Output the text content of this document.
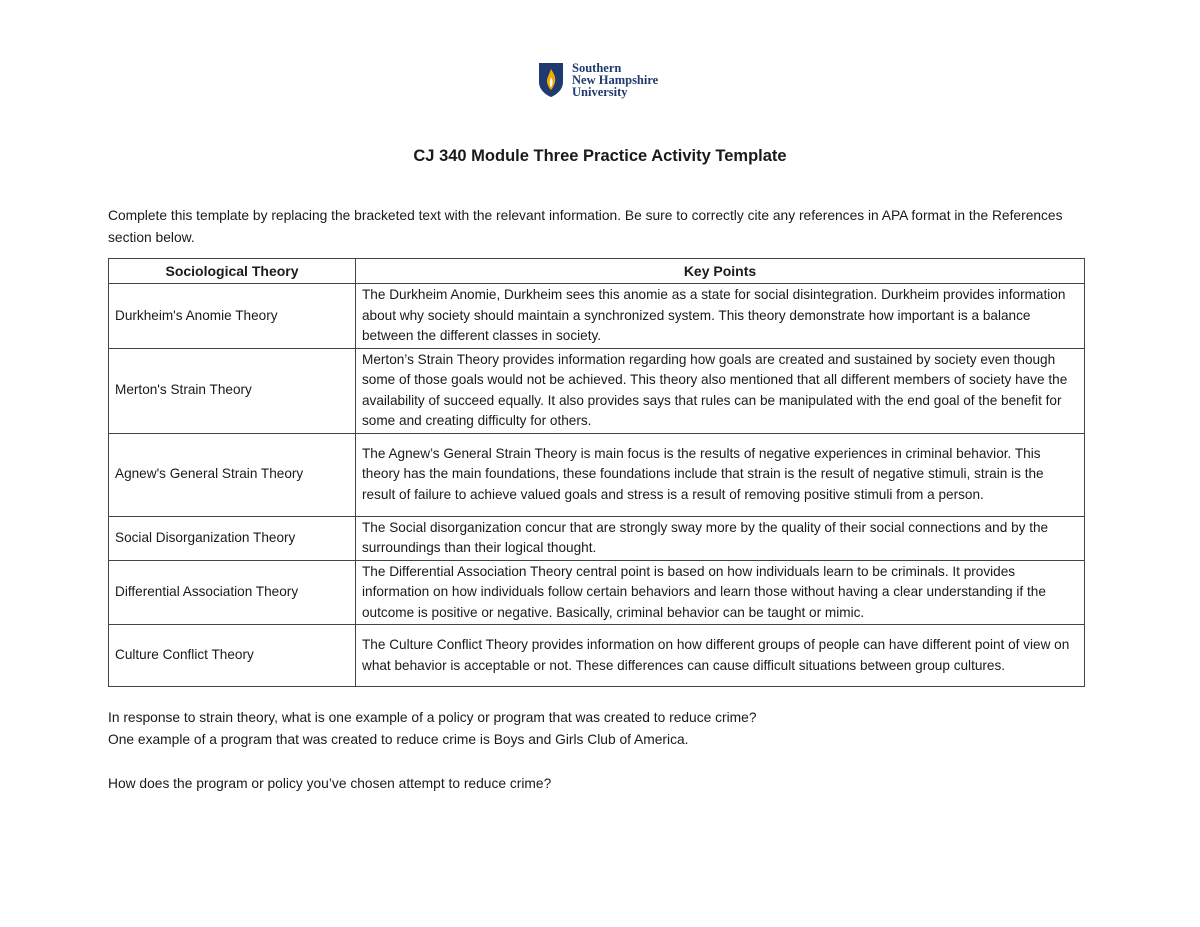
Southern
New Hampshire
University
CJ 340 Module Three Practice Activity Template
Complete this template by replacing the bracketed text with the relevant information. Be sure to correctly cite any references in APA format in the References section below.
Sociological Theory	Key Points
Durkheim's Anomie Theory	The Durkheim Anomie, Durkheim sees this anomie as a state for social disintegration. Durkheim provides information about why society should maintain a synchronized system. This theory demonstrate how important is a balance between the different classes in society.
Merton's Strain Theory	Merton’s Strain Theory provides information regarding how goals are created and sustained by society even though some of those goals would not be achieved. This theory also mentioned that all different members of society have the availability of succeed equally. It also provides says that rules can be manipulated with the end goal of the benefit for some and creating difficulty for others.
Agnew's General Strain Theory	The Agnew’s General Strain Theory is main focus is the results of negative experiences in criminal behavior. This theory has the main foundations, these foundations include that strain is the result of negative stimuli, strain is the result of failure to achieve valued goals and stress is a result of removing positive stimuli from a person.
Social Disorganization Theory	The Social disorganization concur that are strongly sway more by the quality of their social connections and by the surroundings than their logical thought.
Differential Association Theory	The Differential Association Theory central point is based on how individuals learn to be criminals. It provides information on how individuals follow certain behaviors and learn those without having a clear understanding if the outcome is positive or negative. Basically, criminal behavior can be taught or mimic.
Culture Conflict Theory	The Culture Conflict Theory provides information on how different groups of people can have different point of view on what behavior is acceptable or not. These differences can cause difficult situations between group cultures.
In response to strain theory, what is one example of a policy or program that was created to reduce crime?
One example of a program that was created to reduce crime is Boys and Girls Club of America.
How does the program or policy you’ve chosen attempt to reduce crime?
